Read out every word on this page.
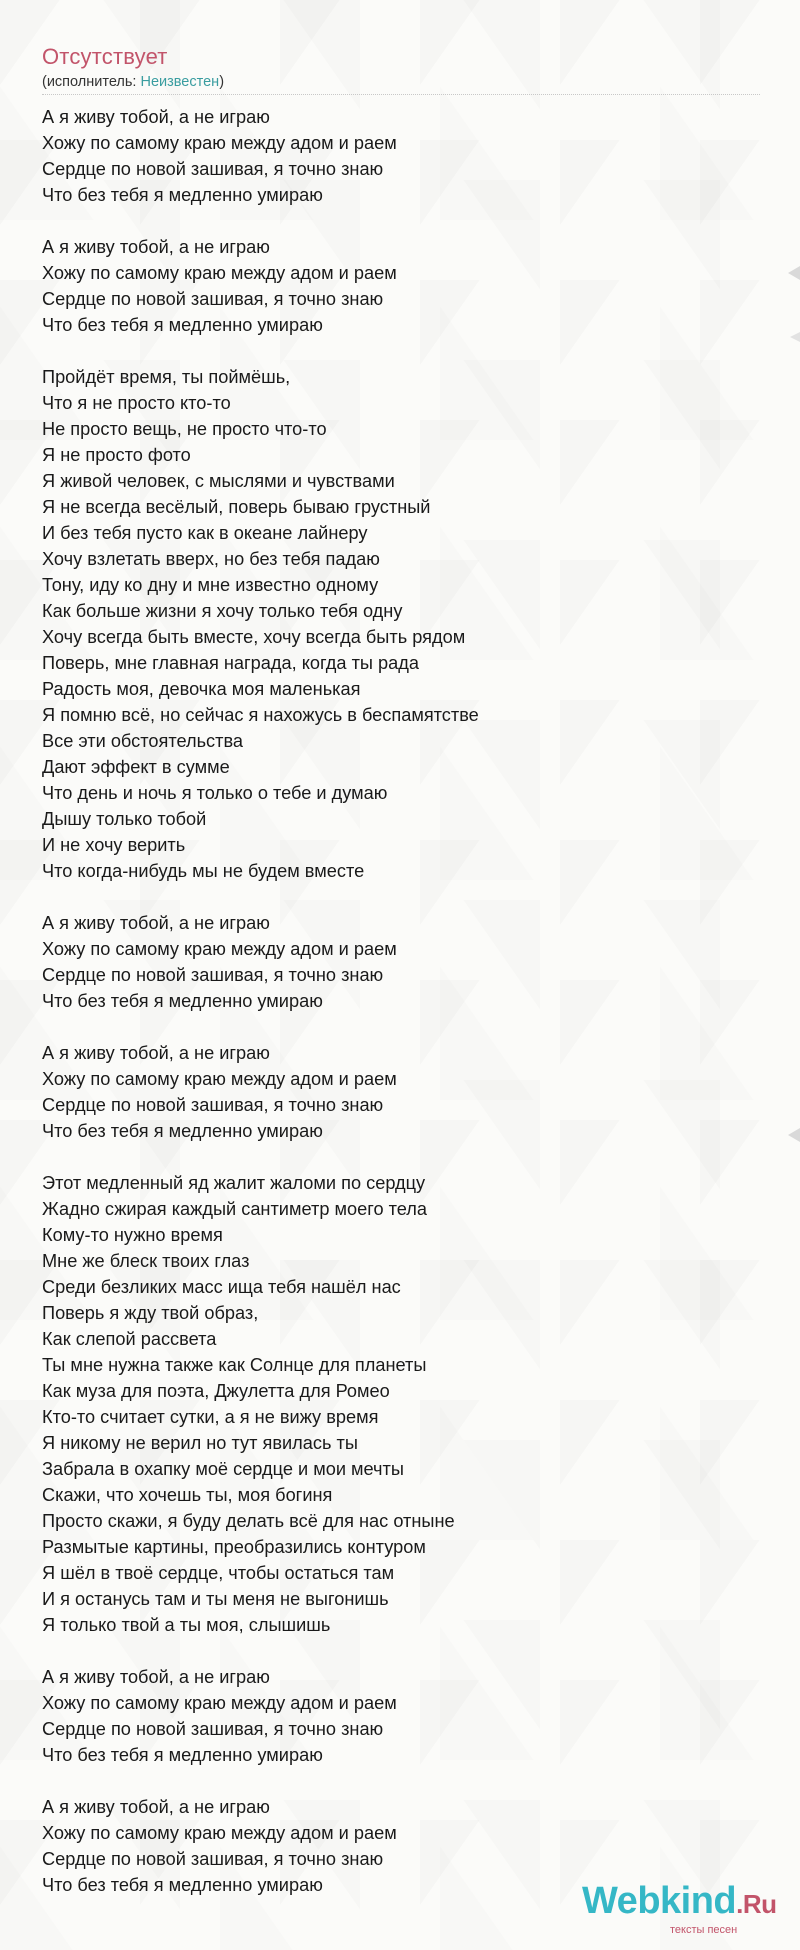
Отсутствует
(исполнитель: Неизвестен)
А я живу тобой, а не играю
Хожу по самому краю между адом и раем
Сердце по новой зашивая, я точно знаю
Что без тебя я медленно умираю
А я живу тобой, а не играю
Хожу по самому краю между адом и раем
Сердце по новой зашивая, я точно знаю
Что без тебя я медленно умираю
Пройдёт время, ты поймёшь,
Что я не просто кто-то
Не просто вещь, не просто что-то
Я не просто фото
Я живой человек, с мыслями и чувствами
Я не всегда весёлый, поверь бываю грустный
И без тебя пусто как в океане лайнеру
Хочу взлетать вверх, но без тебя падаю
Тону, иду ко дну и мне известно одному
Как больше жизни я хочу только тебя одну
Хочу всегда быть вместе, хочу всегда быть рядом
Поверь, мне главная награда, когда ты рада
Радость моя, девочка моя маленькая
Я помню всё, но сейчас я нахожусь в беспамятстве
Все эти обстоятельства
Дают эффект в сумме
Что день и ночь я только о тебе и думаю
Дышу только тобой
И не хочу верить
Что когда-нибудь мы не будем вместе
А я живу тобой, а не играю
Хожу по самому краю между адом и раем
Сердце по новой зашивая, я точно знаю
Что без тебя я медленно умираю
А я живу тобой, а не играю
Хожу по самому краю между адом и раем
Сердце по новой зашивая, я точно знаю
Что без тебя я медленно умираю
Этот медленный яд жалит жаломи по сердцу
Жадно сжирая каждый сантиметр моего тела
Кому-то нужно время
Мне же блеск твоих глаз
Среди безликих масс ища тебя нашёл нас
Поверь я жду твой образ,
Как слепой рассвета
Ты мне нужна также как Солнце для планеты
Как муза для поэта, Джулетта для Ромео
Кто-то считает сутки, а я не вижу время
Я никому не верил но тут явилась ты
Забрала в охапку моё сердце и мои мечты
Скажи, что хочешь ты, моя богиня
Просто скажи, я буду делать всё для нас отныне
Размытые картины, преобразились контуром
Я шёл в твоё сердце, чтобы остаться там
И я останусь там и ты меня не выгонишь
Я только твой а ты моя, слышишь
А я живу тобой, а не играю
Хожу по самому краю между адом и раем
Сердце по новой зашивая, я точно знаю
Что без тебя я медленно умираю
А я живу тобой, а не играю
Хожу по самому краю между адом и раем
Сердце по новой зашивая, я точно знаю
Что без тебя я медленно умираю	Webkind.Ru
тексты песен
